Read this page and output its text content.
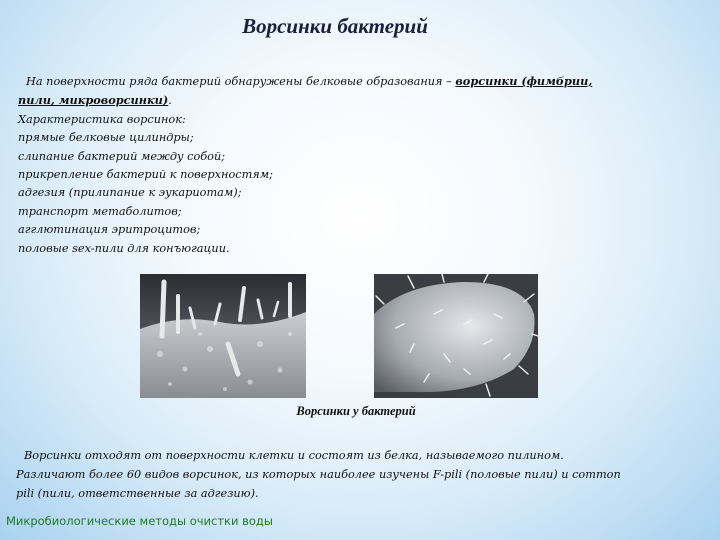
Ворсинки бактерий
На поверхности ряда бактерий обнаружены белковые образования – ворсинки (фимбрии,
пили, микроворсинки).
Характеристика ворсинок:
прямые белковые цилиндры;
слипание бактерий между собой;
прикрепление бактерий к поверхностям;
адгезия (прилипание к эукариотам);
транспорт метаболитов;
агглютинация эритроцитов;
половые sex-пили для конъюгации.
Ворсинки у бактерий
Ворсинки отходят от поверхности клетки и состоят из белка, называемого пилином.
Различают более 60 видов ворсинок, из которых наиболее изучены F-pili (половые пили) и common
pili (пили, ответственные за адгезию).
Микробиологические методы очистки воды
